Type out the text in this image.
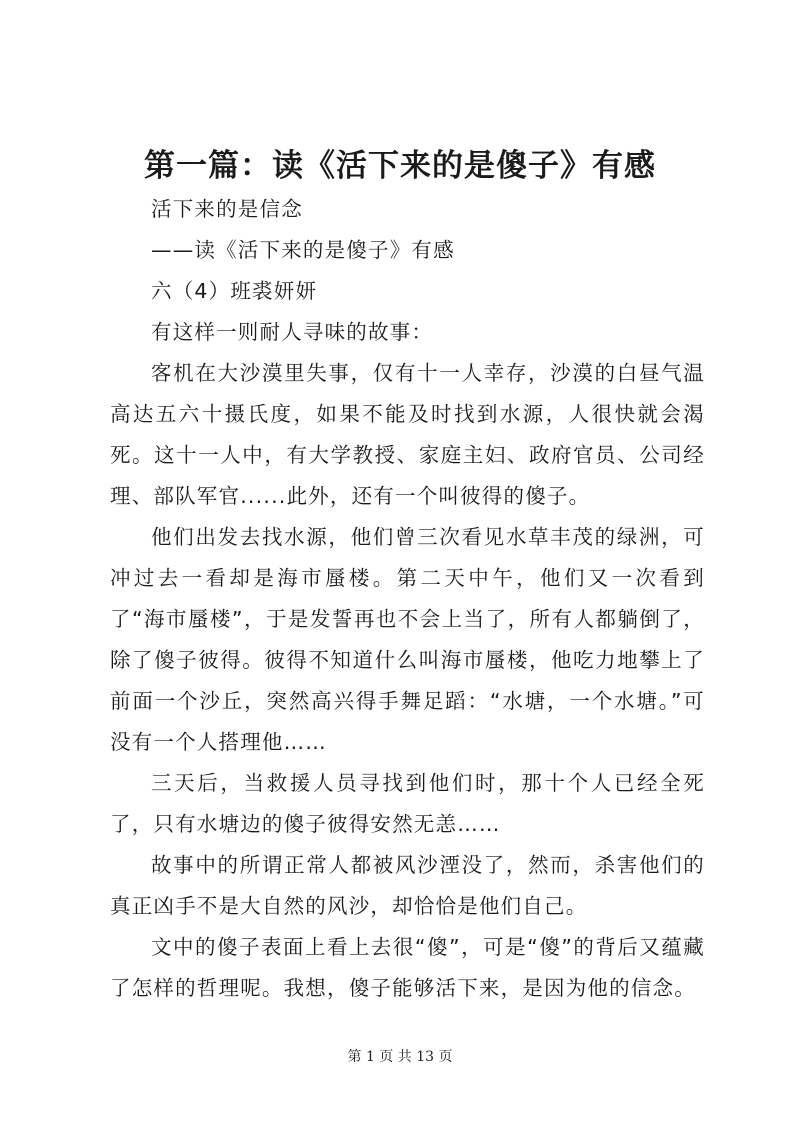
第一篇：读《活下来的是傻子》有感

活下来的是信念

——读《活下来的是傻子》有感

六（4）班裘妍妍

有这样一则耐人寻味的故事：

客机在大沙漠里失事，仅有十一人幸存，沙漠的白昼气温高达五六十摄氏度，如果不能及时找到水源，人很快就会渴死。这十一人中，有大学教授、家庭主妇、政府官员、公司经理、部队军官......此外，还有一个叫彼得的傻子。

他们出发去找水源，他们曾三次看见水草丰茂的绿洲，可冲过去一看却是海市蜃楼。第二天中午，他们又一次看到了“海市蜃楼”，于是发誓再也不会上当了，所有人都躺倒了，除了傻子彼得。彼得不知道什么叫海市蜃楼，他吃力地攀上了前面一个沙丘，突然高兴得手舞足蹈：“水塘，一个水塘。”可没有一个人搭理他……

三天后，当救援人员寻找到他们时，那十个人已经全死了，只有水塘边的傻子彼得安然无恙……

故事中的所谓正常人都被风沙湮没了，然而，杀害他们的真正凶手不是大自然的风沙，却恰恰是他们自己。

文中的傻子表面上看上去很“傻”，可是“傻”的背后又蕴藏了怎样的哲理呢。我想，傻子能够活下来，是因为他的信念。

第 1 页 共 13 页
